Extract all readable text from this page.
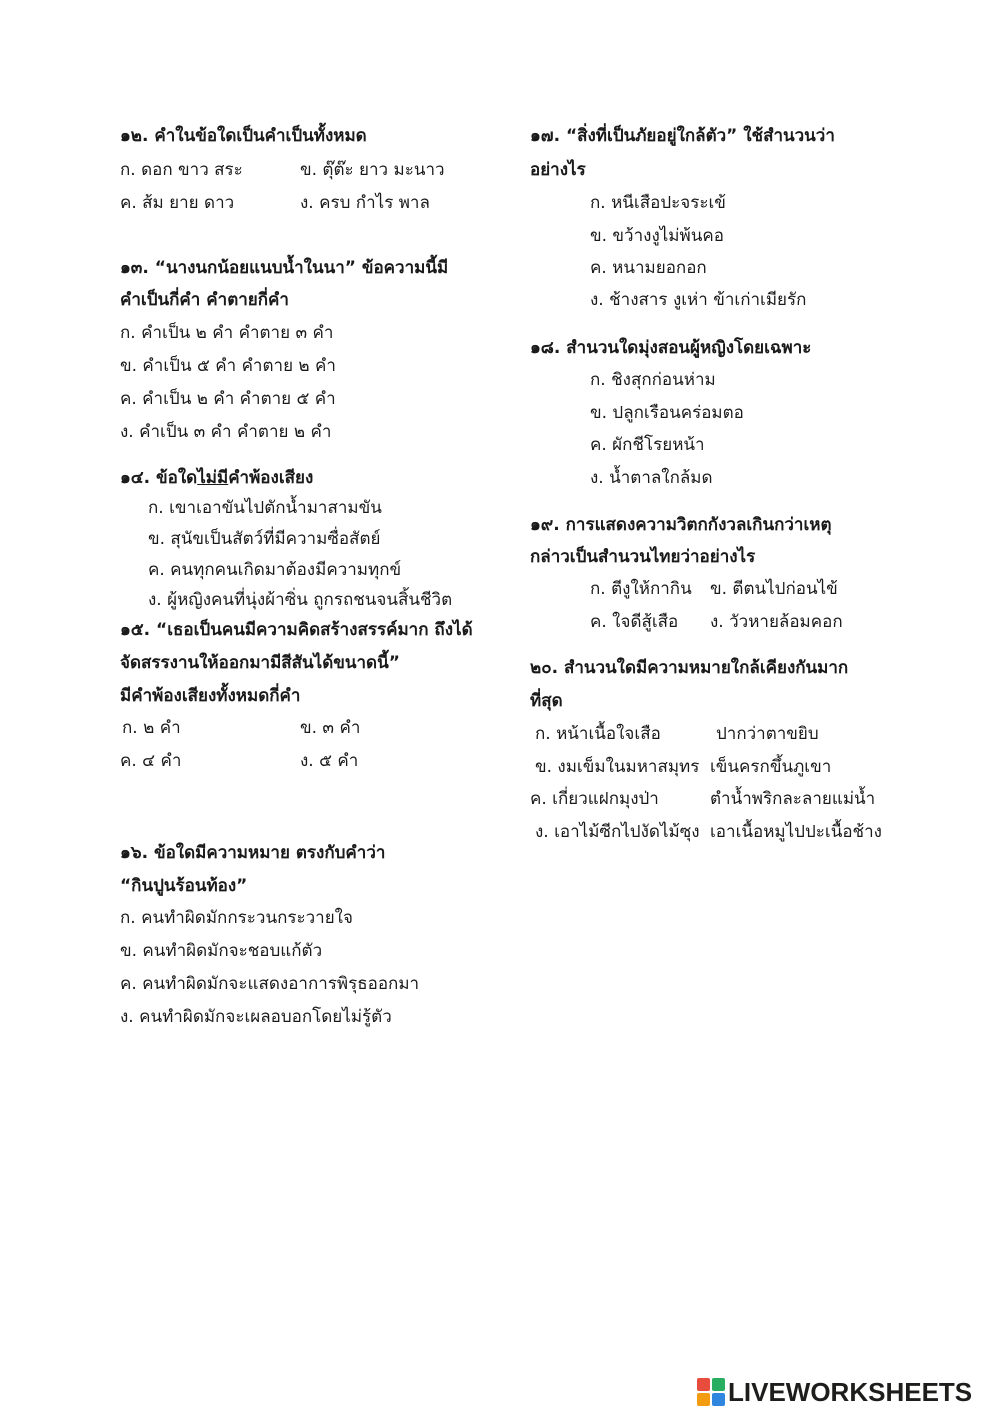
๑๒. คำในข้อใดเป็นคำเป็นทั้งหมด
ก. ดอก ขาว สระ	ข. ตุ๊ต๊ะ ยาว มะนาว
ค. ส้ม ยาย ดาว	ง. ครบ กำไร พาล
๑๓. “นางนกน้อยแนบน้ำในนา” ข้อความนี้มี
คำเป็นกี่คำ คำตายกี่คำ
ก. คำเป็น ๒ คำ คำตาย ๓ คำ
ข. คำเป็น ๕ คำ คำตาย ๒ คำ
ค. คำเป็น ๒ คำ คำตาย ๕ คำ
ง. คำเป็น ๓ คำ คำตาย ๒ คำ
๑๔. ข้อใดไม่มีคำพ้องเสียง
ก. เขาเอาขันไปตักน้ำมาสามขัน
ข. สุนัขเป็นสัตว์ที่มีความซื่อสัตย์
ค. คนทุกคนเกิดมาต้องมีความทุกข์
ง. ผู้หญิงคนที่นุ่งผ้าซิ่น ถูกรถชนจนสิ้นชีวิต
๑๕. “เธอเป็นคนมีความคิดสร้างสรรค์มาก ถึงได้
จัดสรรงานให้ออกมามีสีสันได้ขนาดนี้”
มีคำพ้องเสียงทั้งหมดกี่คำ
ก. ๒ คำ	ข. ๓ คำ
ค. ๔ คำ	ง. ๕ คำ
๑๖. ข้อใดมีความหมาย ตรงกับคำว่า
“กินปูนร้อนท้อง”
ก. คนทำผิดมักกระวนกระวายใจ
ข. คนทำผิดมักจะชอบแก้ตัว
ค. คนทำผิดมักจะแสดงอาการพิรุธออกมา
ง. คนทำผิดมักจะเผลอบอกโดยไม่รู้ตัว
๑๗. “สิ่งที่เป็นภัยอยู่ใกล้ตัว” ใช้สำนวนว่า
อย่างไร
ก. หนีเสือปะจระเข้
ข. ขว้างงูไม่พ้นคอ
ค. หนามยอกอก
ง. ช้างสาร งูเห่า ข้าเก่าเมียรัก
๑๘. สำนวนใดมุ่งสอนผู้หญิงโดยเฉพาะ
ก. ชิงสุกก่อนห่าม
ข. ปลูกเรือนคร่อมตอ
ค. ผักชีโรยหน้า
ง. น้ำตาลใกล้มด
๑๙. การแสดงความวิตกกังวลเกินกว่าเหตุ
กล่าวเป็นสำนวนไทยว่าอย่างไร
ก. ตีงูให้กากิน ข. ตีตนไปก่อนไข้
ค. ใจดีสู้เสือ ง. วัวหายล้อมคอก
๒๐. สำนวนใดมีความหมายใกล้เคียงกันมาก
ที่สุด
ก. หน้าเนื้อใจเสือ	ปากว่าตาขยิบ
ข. งมเข็มในมหาสมุทร เข็นครกขึ้นภูเขา
ค. เกี่ยวแฝกมุงป่า	ตำน้ำพริกละลายแม่น้ำ
ง. เอาไม้ซีกไปงัดไม้ซุง เอาเนื้อหมูไปปะเนื้อช้าง
LIVEWORKSHEETS
